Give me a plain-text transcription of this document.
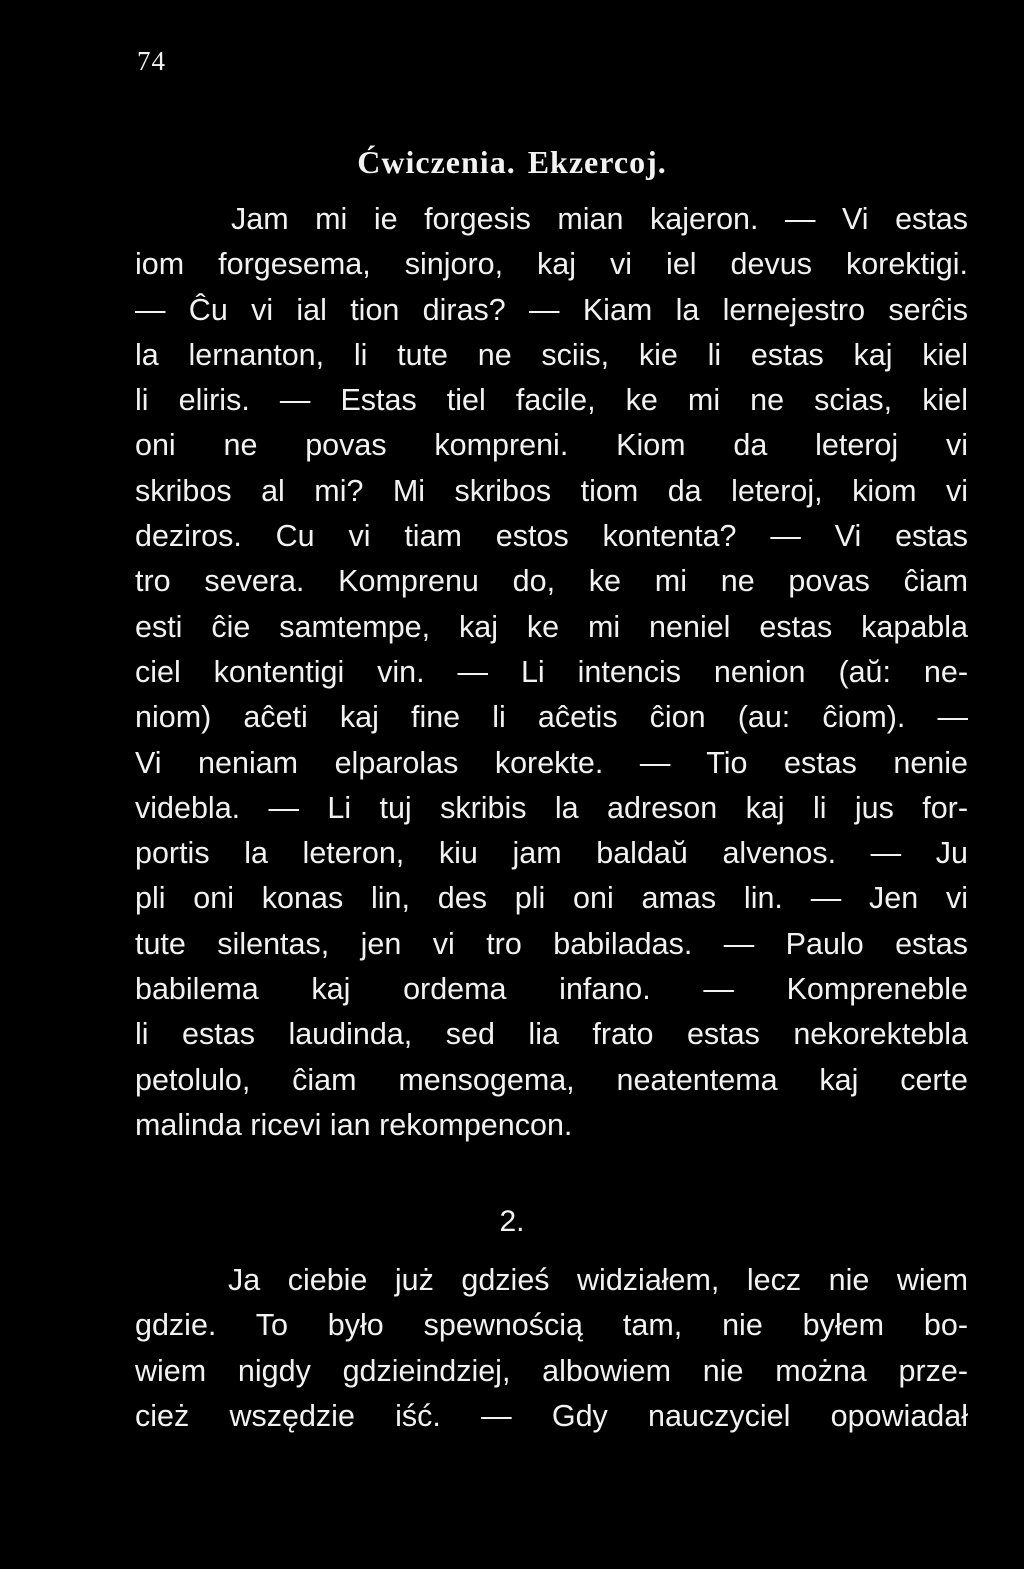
74
Ćwiczenia. Ekzercoj.
Jam mi ie forgesis mian kajeron. — Vi estas
iom forgesema, sinjoro, kaj vi iel devus korektigi.
— Ĉu vi ial tion diras? — Kiam la lernejestro serĉis
la lernanton, li tute ne sciis, kie li estas kaj kiel
li eliris. — Estas tiel facile, ke mi ne scias, kiel
oni ne povas kompreni. Kiom da leteroj vi
skribos al mi? Mi skribos tiom da leteroj, kiom vi
deziros. Cu vi tiam estos kontenta? — Vi estas
tro severa. Komprenu do, ke mi ne povas ĉiam
esti ĉie samtempe, kaj ke mi neniel estas kapabla
ciel kontentigi vin. — Li intencis nenion (aŭ: ne-
niom) aĉeti kaj fine li aĉetis ĉion (au: ĉiom). —
Vi neniam elparolas korekte. — Tio estas nenie
videbla. — Li tuj skribis la adreson kaj li jus for-
portis la leteron, kiu jam baldaŭ alvenos. — Ju
pli oni konas lin, des pli oni amas lin. — Jen vi
tute silentas, jen vi tro babiladas. — Paulo estas
babilema kaj ordema infano. — Kompreneble
li estas laudinda, sed lia frato estas nekorektebla
petolulo, ĉiam mensogema, neatentema kaj certe
malinda ricevi ian rekompencon.
2.
Ja ciebie już gdzieś widziałem, lecz nie wiem
gdzie. To było spewnością tam, nie byłem bo-
wiem nigdy gdzieindziej, albowiem nie można prze-
cież wszędzie iść. — Gdy nauczyciel opowiadał
